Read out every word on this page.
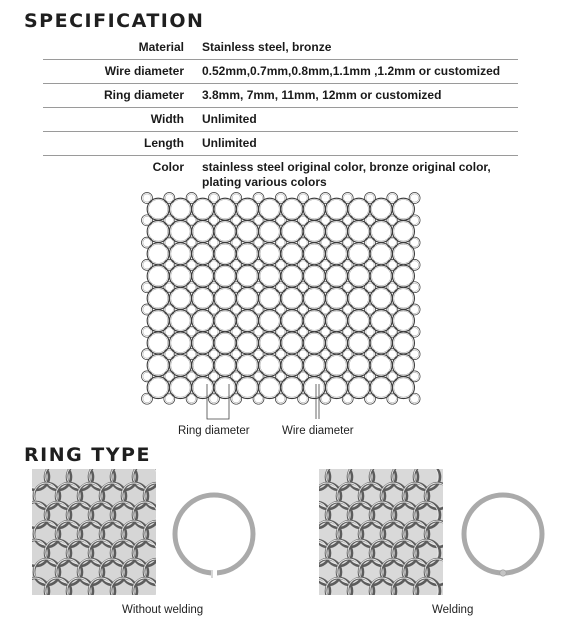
SPECIFICATION
Material	Stainless steel, bronze
Wire diameter	0.52mm,0.7mm,0.8mm,1.1mm ,1.2mm or customized
Ring diameter	3.8mm, 7mm, 11mm, 12mm or customized
Width	Unlimited
Length	Unlimited
Color	stainless steel original color, bronze original color, plating various colors
Ring diameter	Wire diameter
RING TYPE
Without welding	Welding
